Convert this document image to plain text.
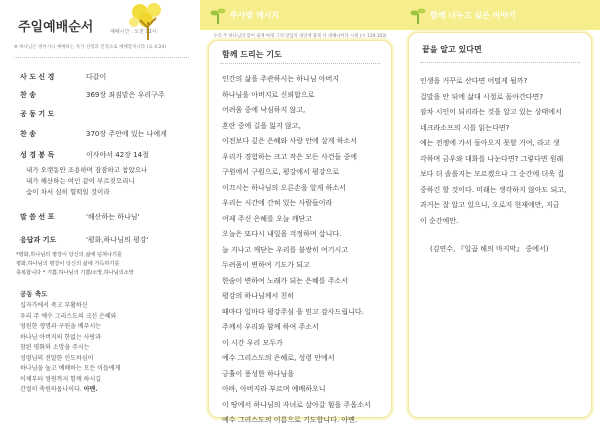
주일예배순서	예배시간 : 오전 11시
※ 하나님은 영이시니 예배하는 자가 신령과 진정으로 예배할지니라 (요 4:24)
사 도 신 경	다같이
찬 송	369장 죄짐맡은 우리구주
공 동 기 도
찬 송	370장 주안에 있는 나에게
성 경 봉 독	이사야서 42장 14절
내가 오랫동안 조용하며 잠잠하고 참았으나
내가 해산하는 여인 같이 부르짖으리니
숨이 차서 심히 헐떡일 것이라
말 씀 선 포	'해산하는 하나님'
응답과 기도	'평화,하나님의 평강'
*평화,하나님의 평강이 당신의 삶에 넘쳐나기를
평화,하나님의 평강이 당신의 삶에 가득하기를
축복합니다 * 기쁨,하나님의 기쁨/소망,하나님의소망
공동 축도
십자가에서 죽고 부활하신
우리 주 예수 그리스도의 크신 은혜와
영원한 생명과 구원을 베푸시는
하나님 아버지의 한없는 사랑과
참된 평화와 소망을 주시는
성령님의 진말한 인도하심이
하나님을 높고 예배하는 모든 이들에게
이제부터 영원까지 함께 하시길
간절히 축원하옵나이다. 아멘.
주사랑 메시지
우리 주 하나님의 맞이 내게 아래 그의 맞임의 내일에 붙게 다 대해나이다 시편 (시 119:103)
함께 드리는 기도
인간의 삶을 주관하시는 하나님 아버지
하나님을 아버지로 신뢰합으로
어려움 중에 낙심하지 않고,
혼란 중에 길을 잃지 않고,
이전보다 깊은 은혜와 사랑 안에 살게 하소서
우리가 경험하는 크고 작은 모든 사건들 중에
구원에서 구원으로, 평강에서 평강으로
이끄시는 하나님의 오른손을 알게 하소서
우리는 시간에 간혀 있는 사람들이라
어제 주신 은혜를 오늘 깨닫고
오늘은 또다시 내일을 걱정하며 삽니다.
늘 지나고 깨닫는 우리를 불쌍히 여기시고
두려움이 변하여 기도가 되고
한숨이 변하여 노래가 되는 은혜를 주소서
평강의 하나님께서 친히
때마다 일마다 평강주심 을 믿고 감사드립니다.
주께서 우리와 함께 하여 주소서
이 시간 우리 모두가
예수 그리스도의 은혜로, 성령 안에서
긍휼이 풍성한 하나님을
아바, 아버지라 부르며 예배하오니
이 땅에서 하나님의 자녀로 살아갈 힘을 주옵소서
예수 그리스도의 이름으로 기도합니다. 아멘.
함께 나누고 싶은 이야기
끝을 알고 있다면
인생을 거꾸로 산다면 어떨게 될까?
걸말을 안 뒤에 삶대 시절로 돌아간다면?
잠차 시인이 되리라는 것을 알고 있는 상태에서
네크라소프의 시를 읽는다면?
예는 전쟁에 가서 돌아오지 못할 거여, 라고 생
각하며 금우와 대화를 나눈다면? 그렇다면 원래
보다 더 솔롤지는 모르겠으나 그 순간에 더욱 집
중하긴 할 것이다. 미래는 생각하지 않아도 되고,
과거는 잘 알고 있으니, 오로지 현재에만, 지금
이 순간에만.
(김연수, 『일곱 해의 마지막』 중에서)
